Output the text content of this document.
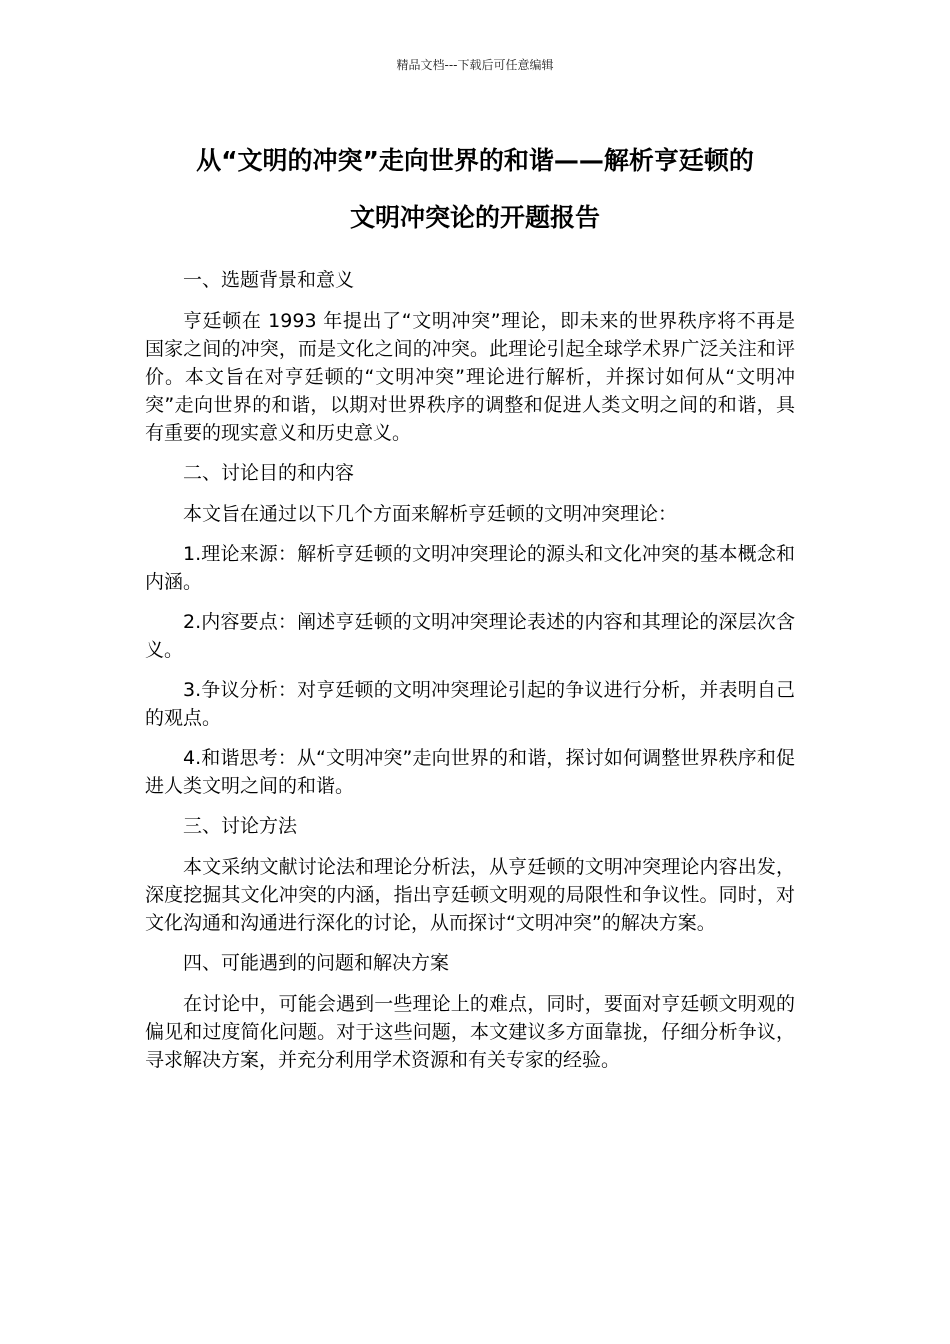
精品文档---下载后可任意编辑
从“文明的冲突”走向世界的和谐——解析亨廷顿的
文明冲突论的开题报告

一、选题背景和意义

亨廷顿在 1993 年提出了“文明冲突”理论，即未来的世界秩序将不再是国家之间的冲突，而是文化之间的冲突。此理论引起全球学术界广泛关注和评价。本文旨在对亨廷顿的“文明冲突”理论进行解析，并探讨如何从“文明冲突”走向世界的和谐，以期对世界秩序的调整和促进人类文明之间的和谐，具有重要的现实意义和历史意义。

二、讨论目的和内容

本文旨在通过以下几个方面来解析亨廷顿的文明冲突理论：

1.理论来源：解析亨廷顿的文明冲突理论的源头和文化冲突的基本概念和内涵。

2.内容要点：阐述亨廷顿的文明冲突理论表述的内容和其理论的深层次含义。

3.争议分析：对亨廷顿的文明冲突理论引起的争议进行分析，并表明自己的观点。

4.和谐思考：从“文明冲突”走向世界的和谐，探讨如何调整世界秩序和促进人类文明之间的和谐。

三、讨论方法

本文采纳文献讨论法和理论分析法，从亨廷顿的文明冲突理论内容出发，深度挖掘其文化冲突的内涵，指出亨廷顿文明观的局限性和争议性。同时，对文化沟通和沟通进行深化的讨论，从而探讨“文明冲突”的解决方案。

四、可能遇到的问题和解决方案

在讨论中，可能会遇到一些理论上的难点，同时，要面对亨廷顿文明观的偏见和过度简化问题。对于这些问题，本文建议多方面靠拢，仔细分析争议，寻求解决方案，并充分利用学术资源和有关专家的经验。
